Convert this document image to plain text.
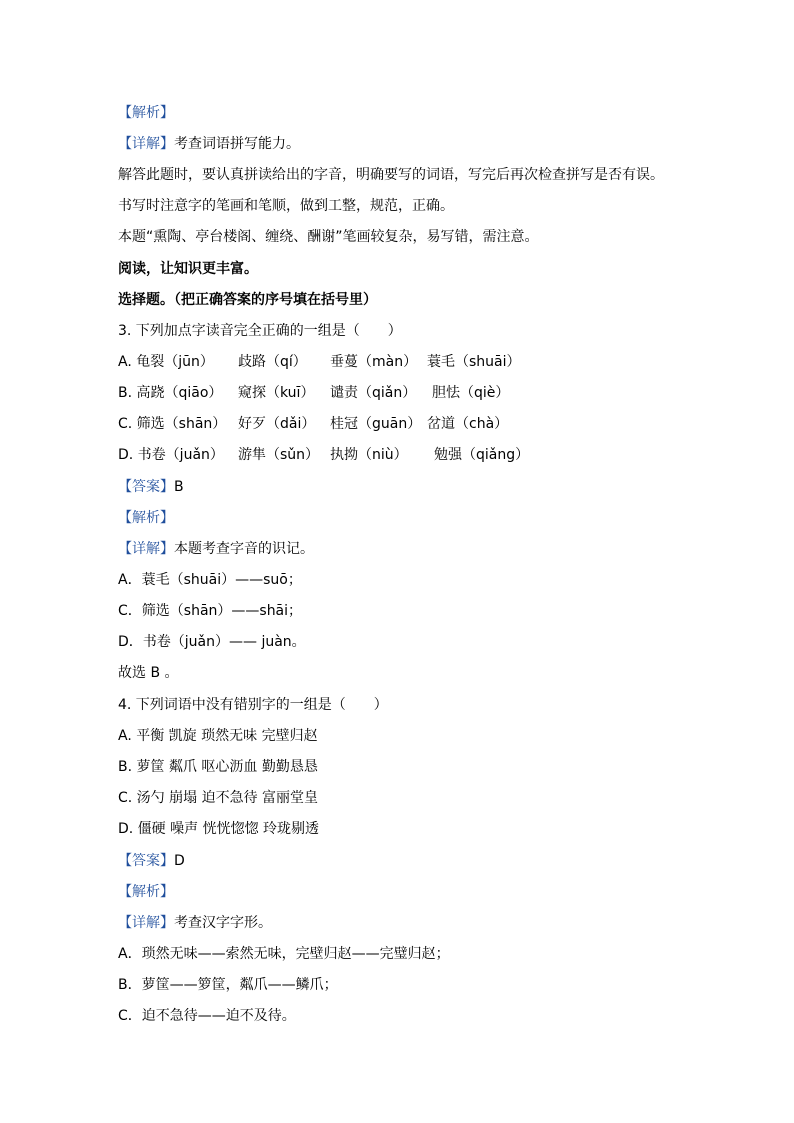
【解析】
【详解】考查词语拼写能力。
解答此题时，要认真拼读给出的字音，明确要写的词语，写完后再次检查拼写是否有误。
书写时注意字的笔画和笔顺，做到工整，规范，正确。
本题“熏陶、亭台楼阁、缠绕、酬谢”笔画较复杂，易写错，需注意。
阅读，让知识更丰富。
选择题。（把正确答案的序号填在括号里）
3. 下列加点字读音完全正确的一组是（　　）
A. 龟裂（jūn） 歧路（qí） 垂蔓（màn） 蓑毛（shuāi）
B. 高跷（qiāo） 窥探（kuī） 谴责（qiǎn） 胆怯（qiè）
C. 筛选（shān） 好歹（dǎi） 桂冠（guān） 岔道（chà）
D. 书卷（juǎn） 游隼（sǔn） 执拗（niù） 勉强（qiǎng）
【答案】B
【解析】
【详解】本题考查字音的识记。
A．蓑毛（shuāi）——suō；
C．筛选（shān）——shāi；
D．书卷（juǎn）—— juàn。
故选 B 。
4. 下列词语中没有错别字的一组是（　　）
A. 平衡 凯旋 琐然无味 完壁归赵
B. 萝筐 粼爪 呕心沥血 勤勤恳恳
C. 汤勺 崩塌 迫不急待 富丽堂皇
D. 僵硬 噪声 恍恍惚惚 玲珑剔透
【答案】D
【解析】
【详解】考查汉字字形。
A．琐然无味——索然无味，完壁归赵——完璧归赵；
B．萝筐——箩筐，粼爪——鳞爪；
C．迫不急待——迫不及待。
